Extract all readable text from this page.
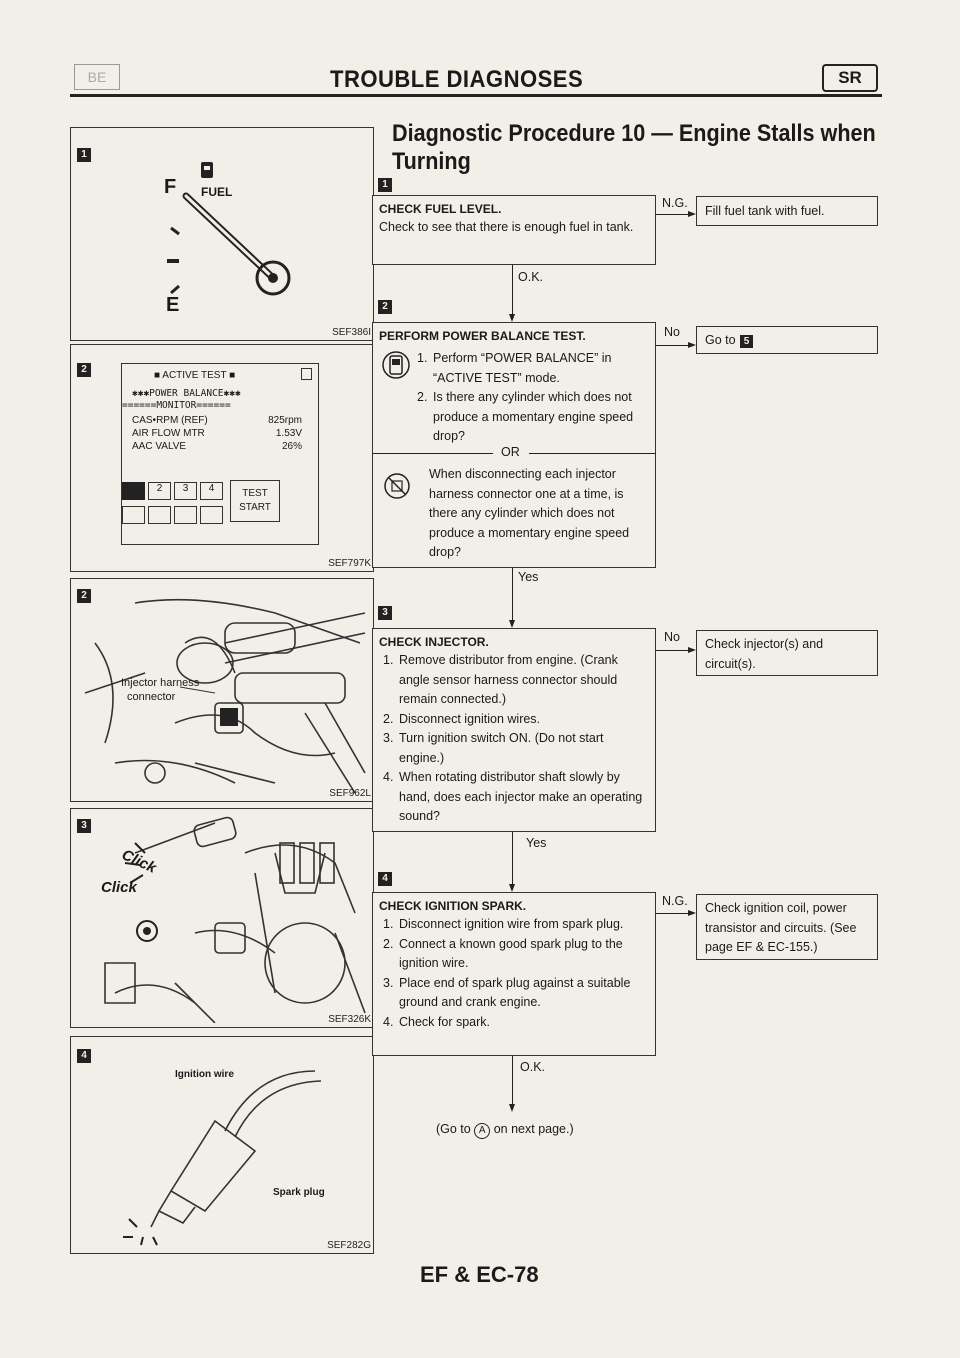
BE	TROUBLE DIAGNOSES	SR
1
F FUEL
E
SEF386I
2
■ ACTIVE TEST ■
✱✱✱POWER BALANCE✱✱✱
======MONITOR======
CAS•RPM (REF)	825rpm
AIR FLOW MTR	1.53V
AAC VALVE	26%
1	2	3	4	TEST
START
SEF797K
2
Injector harness
connector
SEF962L
3
Click
Click
SEF326K
4
Ignition wire
Spark plug
SEF282G
Diagnostic Procedure 10 — Engine Stalls when
Turning
1
CHECK FUEL LEVEL.
Check to see that there is enough fuel in tank.
N.G.
Fill fuel tank with fuel.
O.K.
2
PERFORM POWER BALANCE TEST.
1. Perform “POWER BALANCE” in “ACTIVE TEST” mode.
2. Is there any cylinder which does not produce a momentary engine speed drop?
OR
When disconnecting each injector harness connector one at a time, is there any cylinder which does not produce a momentary engine speed drop?
No
Go to 5
Yes
3
CHECK INJECTOR.
1. Remove distributor from engine. (Crank angle sensor harness connector should remain connected.)
2. Disconnect ignition wires.
3. Turn ignition switch ON. (Do not start engine.)
4. When rotating distributor shaft slowly by hand, does each injector make an operating sound?
No Check injector(s) and circuit(s).
Yes
4
CHECK IGNITION SPARK.
1. Disconnect ignition wire from spark plug.
2. Connect a known good spark plug to the ignition wire.
3. Place end of spark plug against a suitable ground and crank engine.
4. Check for spark.
N.G. Check ignition coil, power transistor and circuits. (See page EF & EC-155.)
O.K.
(Go to A on next page.)
EF & EC-78
